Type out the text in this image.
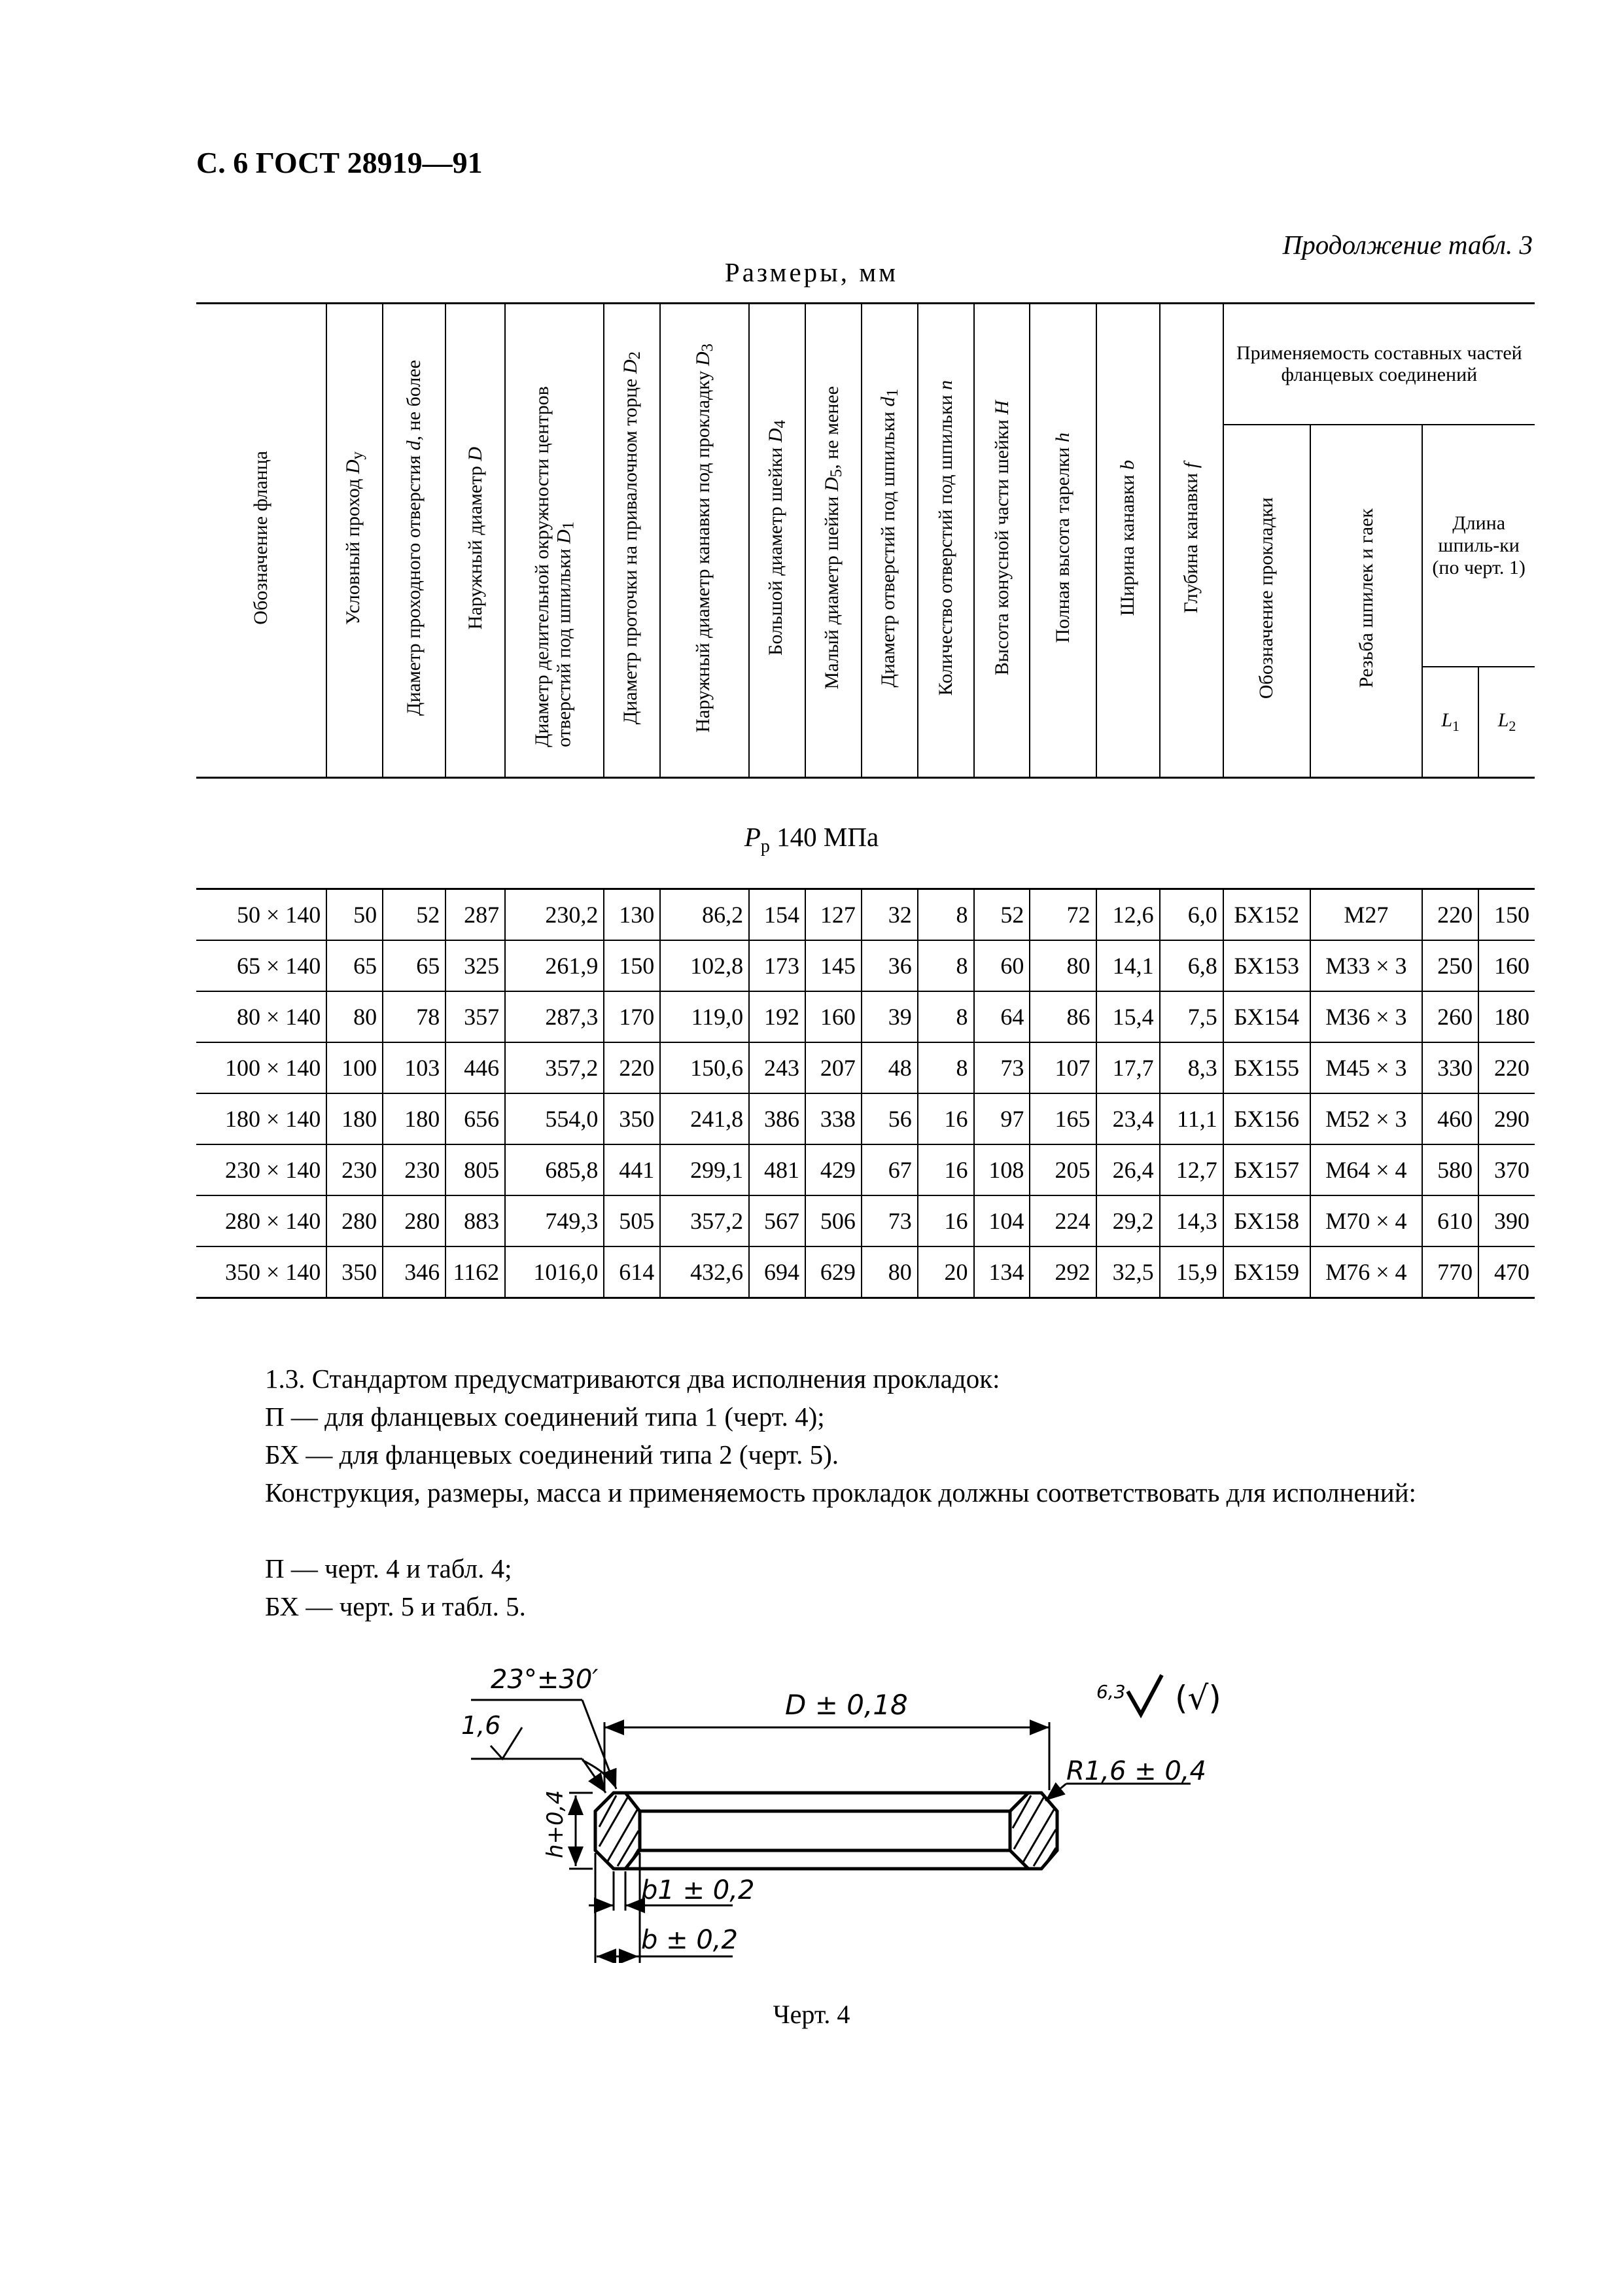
С. 6 ГОСТ 28919—91
Продолжение табл. 3
Размеры, мм
Обозначение фланца	Условный проход $D_y$	Диаметр проходного отверстия d, не более	Наружный диаметр D	Диаметр делительной окружности центров отверстий под шпильки $D_1$	Диаметр проточки на привалочном торце $D_2$	Наружный диаметр канавки под прокладку $D_3$	Большой диаметр шейки $D_4$	Малый диаметр шейки $D_5$, не менее	Диаметр отверстий под шпильки $d_1$	Количество отверстий под шпильки n	Высота конусной части шейки H	Полная высота тарелки h	Ширина канавки b	Глубина канавки f	Применяемость составных частей фланцевых соединений			
															Обозначение прокладки	Резьба шпилек и гаек	Длина шпиль-ки (по черт. 1)	
																	$L_1$	$L_2$
$P_р$ 140 МПа
50 × 140	50	52	287	230,2	130	86,2	154	127	32	8	52	72	12,6	6,0	БХ152	М27	220	150
65 × 140	65	65	325	261,9	150	102,8	173	145	36	8	60	80	14,1	6,8	БХ153	М33 × 3	250	160
80 × 140	80	78	357	287,3	170	119,0	192	160	39	8	64	86	15,4	7,5	БХ154	М36 × 3	260	180
100 × 140	100	103	446	357,2	220	150,6	243	207	48	8	73	107	17,7	8,3	БХ155	М45 × 3	330	220
180 × 140	180	180	656	554,0	350	241,8	386	338	56	16	97	165	23,4	11,1	БХ156	М52 × 3	460	290
230 × 140	230	230	805	685,8	441	299,1	481	429	67	16	108	205	26,4	12,7	БХ157	М64 × 4	580	370
280 × 140	280	280	883	749,3	505	357,2	567	506	73	16	104	224	29,2	14,3	БХ158	М70 × 4	610	390
350 × 140	350	346	1162	1016,0	614	432,6	694	629	80	20	134	292	32,5	15,9	БХ159	М76 × 4	770	470
1.3. Стандартом предусматриваются два исполнения прокладок:
П — для фланцевых соединений типа 1 (черт. 4);
БХ — для фланцевых соединений типа 2 (черт. 5).
Конструкция, размеры, масса и применяемость прокладок должны соответствовать для исполнений:
П — черт. 4 и табл. 4;
БХ — черт. 5 и табл. 5.
D ± 0,18
23°±30′
1,6
R1,6 ± 0,4
h+0,4
b1 ± 0,2
b ± 0,2
6,3 (√)
Черт. 4
